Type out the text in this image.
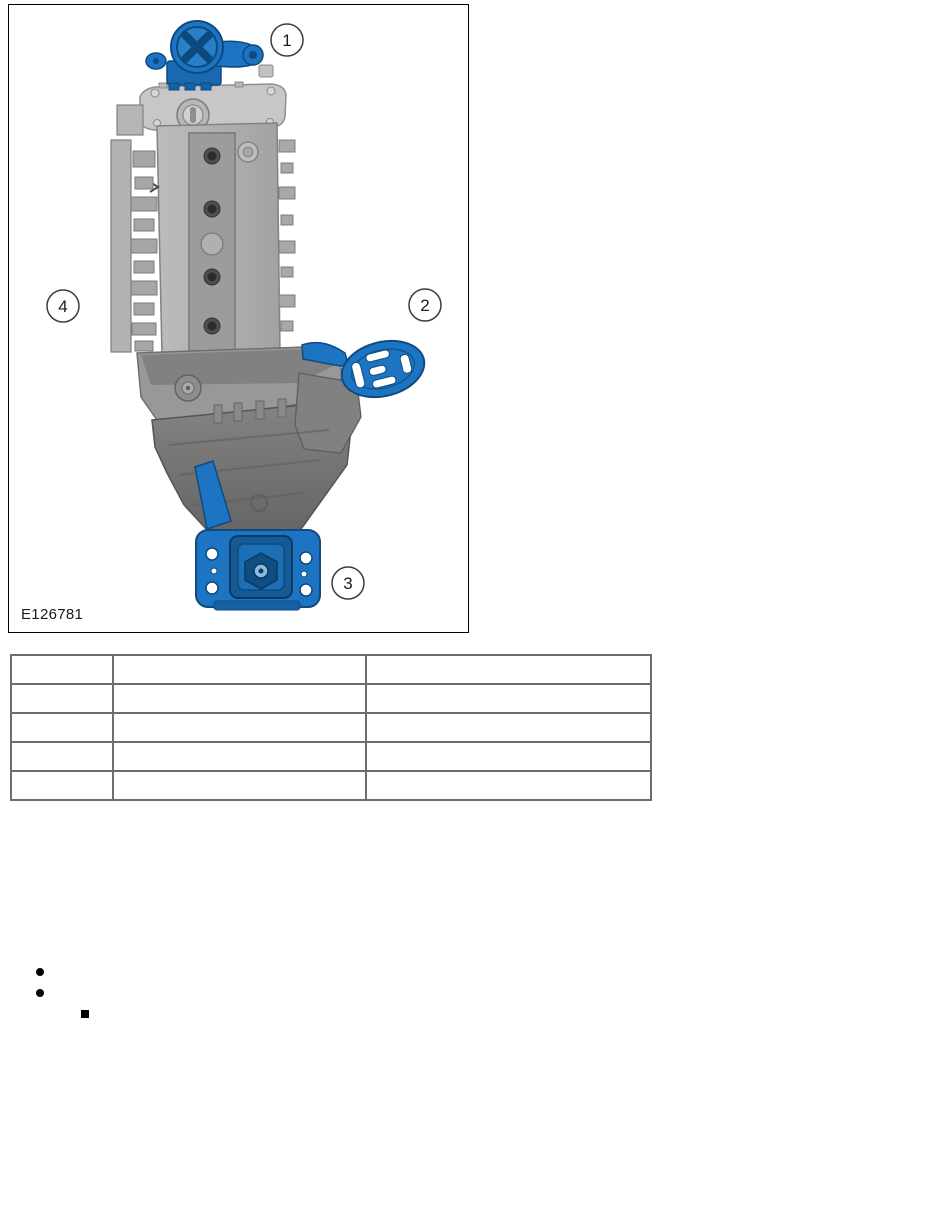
1
2
3
4
E126781
